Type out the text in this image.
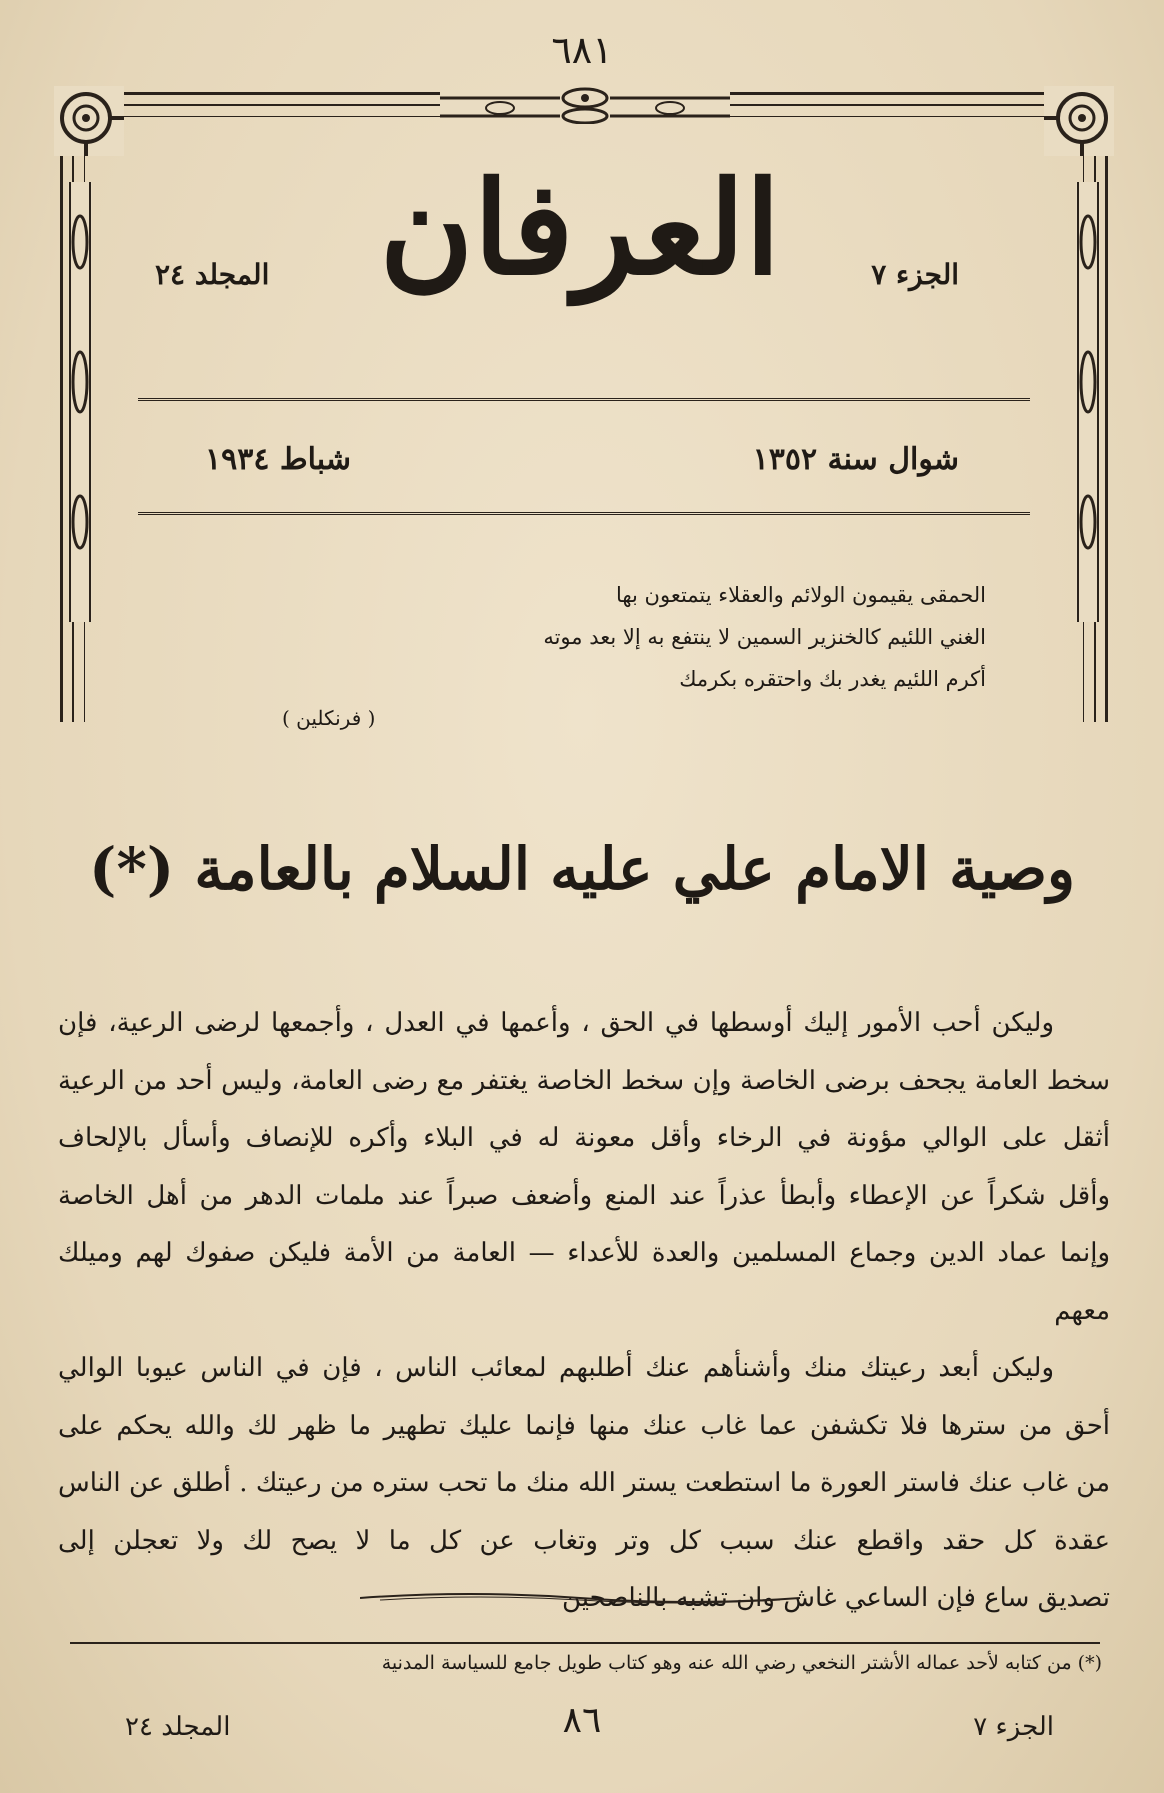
٦٨١
العرفان	الجزء ٧
المجلد ٢٤
شوال سنة ١٣٥٢
شباط ١٩٣٤
الحمقى يقيمون الولائم والعقلاء يتمتعون بها
الغني اللئيم كالخنزير السمين لا ينتفع به إلا بعد موته
أكرم اللئيم يغدر بك واحتقره بكرمك
( فرنكلين )
وصية الامام علي عليه السلام بالعامة (*)

وليكن أحب الأمور إليك أوسطها في الحق ، وأعمها في العدل ، وأجمعها لرضى الرعية، فإن

سخط العامة يجحف برضى الخاصة وإن سخط الخاصة يغتفر مع رضى العامة، وليس أحد من الرعية

أثقل على الوالي مؤونة في الرخاء وأقل معونة له في البلاء وأكره للإنصاف وأسأل بالإلحاف

وأقل شكراً عن الإعطاء وأبطأ عذراً عند المنع وأضعف صبراً عند ملمات الدهر من أهل الخاصة

وإنما عماد الدين وجماع المسلمين والعدة للأعداء — العامة من الأمة فليكن صفوك لهم وميلك معهم

وليكن أبعد رعيتك منك وأشنأهم عنك أطلبهم لمعائب الناس ، فإن في الناس عيوبا الوالي

أحق من سترها فلا تكشفن عما غاب عنك منها فإنما عليك تطهير ما ظهر لك والله يحكم على

من غاب عنك فاستر العورة ما استطعت يستر الله منك ما تحب ستره من رعيتك . أطلق عن الناس

عقدة كل حقد واقطع عنك سبب كل وتر وتغاب عن كل ما لا يصح لك ولا تعجلن إلى

تصديق ساع فإن الساعي غاش وان تشبه بالناصحين

(*) من كتابه لأحد عماله الأشتر النخعي رضي الله عنه وهو كتاب طويل جامع للسياسة المدنية
الجزء ٧
٨٦
المجلد ٢٤
